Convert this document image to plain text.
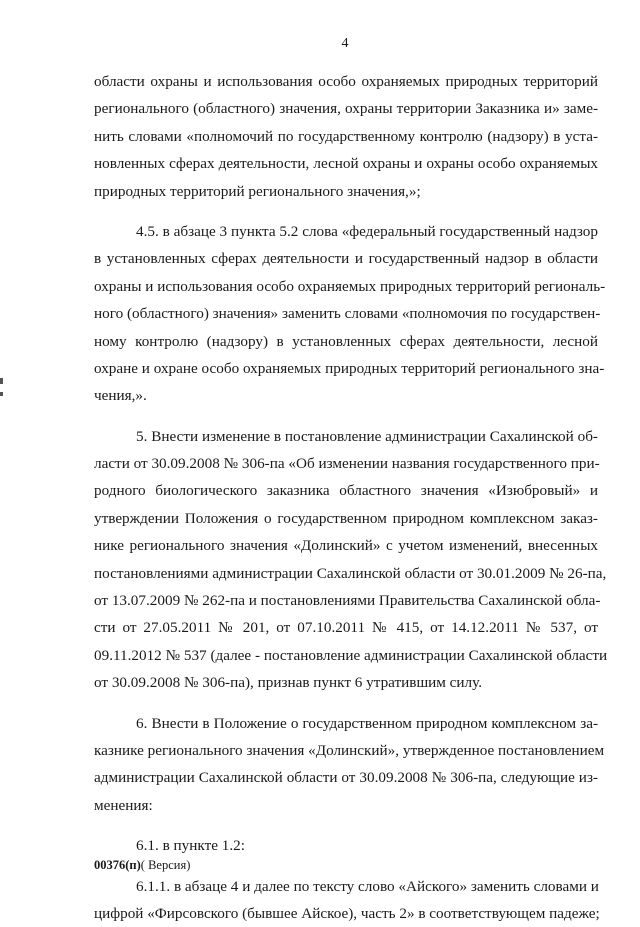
4
области охраны и использования особо охраняемых природных территорий
регионального (областного) значения, охраны территории Заказника и» заме-
нить словами «полномочий по государственному контролю (надзору) в уста-
новленных сферах деятельности, лесной охраны и охраны особо охраняемых
природных территорий регионального значения,»;
4.5. в абзаце 3 пункта 5.2 слова «федеральный государственный надзор
в установленных сферах деятельности и государственный надзор в области
охраны и использования особо охраняемых природных территорий региональ-
ного (областного) значения» заменить словами «полномочия по государствен-
ному контролю (надзору) в установленных сферах деятельности, лесной
охране и охране особо охраняемых природных территорий регионального зна-
чения,».
5. Внести изменение в постановление администрации Сахалинской об-
ласти от 30.09.2008 № 306-па «Об изменении названия государственного при-
родного биологического заказника областного значения «Изюбровый» и
утверждении Положения о государственном природном комплексном заказ-
нике регионального значения «Долинский» с учетом изменений, внесенных
постановлениями администрации Сахалинской области от 30.01.2009 № 26-па,
от 13.07.2009 № 262-па и постановлениями Правительства Сахалинской обла-
сти от 27.05.2011 № 201, от 07.10.2011 № 415, от 14.12.2011 № 537, от
09.11.2012 № 537 (далее - постановление администрации Сахалинской области
от 30.09.2008 № 306-па), признав пункт 6 утратившим силу.
6. Внести в Положение о государственном природном комплексном за-
казнике регионального значения «Долинский», утвержденное постановлением
администрации Сахалинской области от 30.09.2008 № 306-па, следующие из-
менения:
6.1. в пункте 1.2:
6.1.1. в абзаце 4 и далее по тексту слово «Айского» заменить словами и
цифрой «Фирсовского (бывшее Айское), часть 2» в соответствующем падеже;
00376(п)( Версия)
